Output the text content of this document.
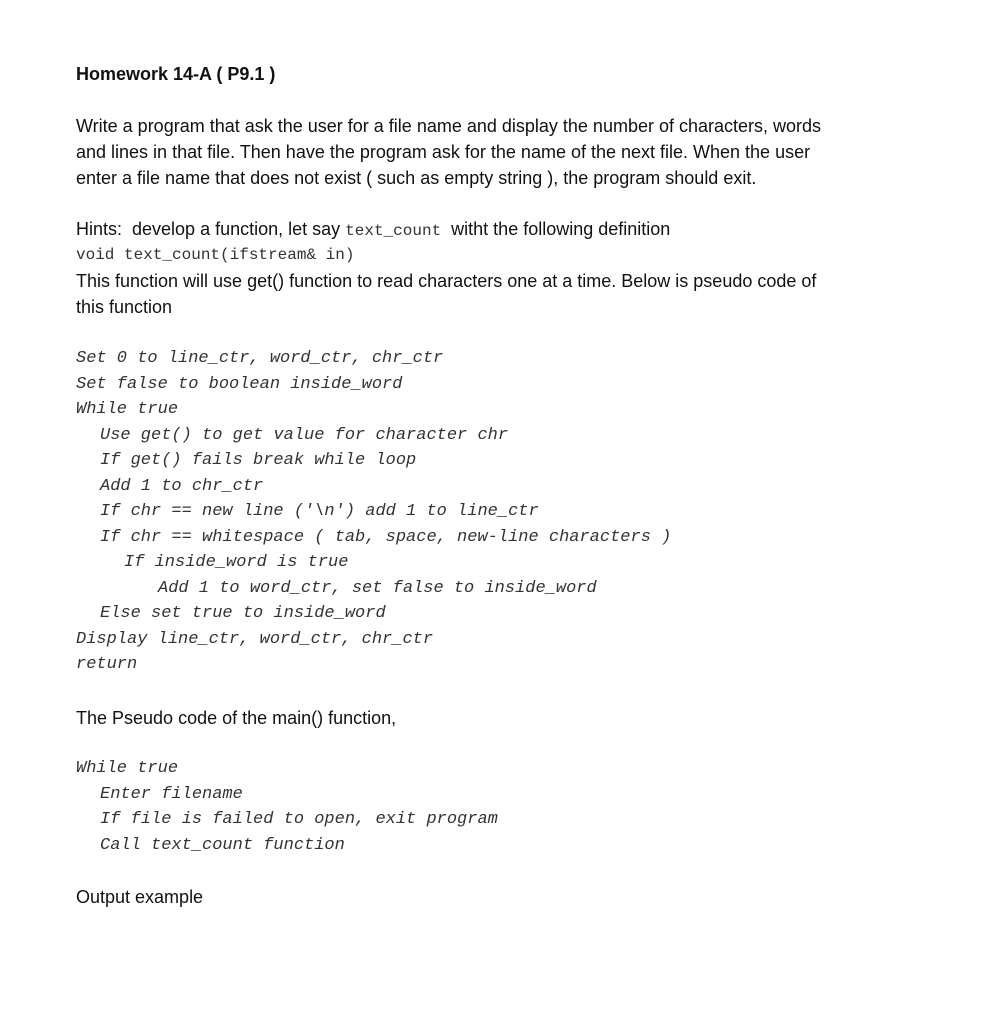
Homework 14-A ( P9.1 )
Write a program that ask the user for a file name and display the number of characters, words
and lines in that file. Then have the program ask for the name of the next file. When the user
enter a file name that does not exist ( such as empty string ), the program should exit.
Hints:  develop a function, let say text_count  witht the following definition
void text_count(ifstream& in)
This function will use get() function to read characters one at a time. Below is pseudo code of
this function
Set 0 to line_ctr, word_ctr, chr_ctr
Set false to boolean inside_word
While true
Use get() to get value for character chr
If get() fails break while loop
Add 1 to chr_ctr
If chr == new line ('\n') add 1 to line_ctr
If chr == whitespace ( tab, space, new-line characters )
If inside_word is true
Add 1 to word_ctr, set false to inside_word
Else set true to inside_word
Display line_ctr, word_ctr, chr_ctr
return
The Pseudo code of the main() function,
While true
Enter filename
If file is failed to open, exit program
Call text_count function
Output example
